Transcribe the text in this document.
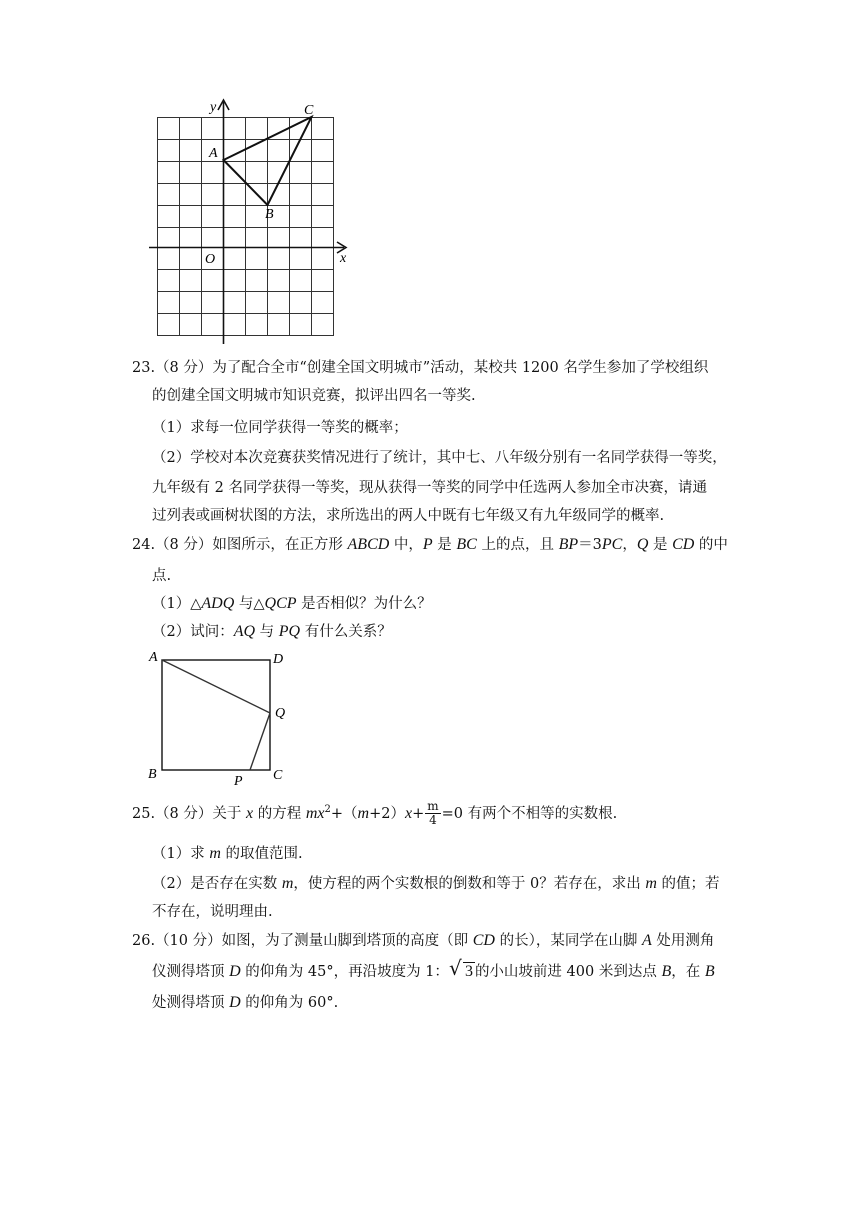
y
x
O
A
B
C
23.（8 分）为了配合全市“创建全国文明城市”活动，某校共 1200 名学生参加了学校组织
的创建全国文明城市知识竞赛，拟评出四名一等奖.
（1）求每一位同学获得一等奖的概率；
（2）学校对本次竞赛获奖情况进行了统计，其中七、八年级分别有一名同学获得一等奖，
九年级有 2 名同学获得一等奖，现从获得一等奖的同学中任选两人参加全市决赛，请通
过列表或画树状图的方法，求所选出的两人中既有七年级又有九年级同学的概率.
24.（8 分）如图所示，在正方形 ABCD 中，P 是 BC 上的点，且 BP＝3PC，Q 是 CD 的中
点.
（1）△ADQ 与△QCP 是否相似？为什么？
（2）试问：AQ 与 PQ 有什么关系？
A	D
Q
B	P C
25.（8 分）关于 x 的方程 $mx^2+(m+2)x+ \frac{m}{4} =0$ 有两个不相等的实数根.
（1）求 m 的取值范围.
（2）是否存在实数 m，使方程的两个实数根的倒数和等于 0？若存在，求出 m 的值；若
不存在，说明理由.
26.（10 分）如图，为了测量山脚到塔顶的高度（即 CD 的长），某同学在山脚 A 处用测角
仪测得塔顶 D 的仰角为 45°，再沿坡度为 1： √ 3 的小山坡前进 400 米到达点 B，在 B
处测得塔顶 D 的仰角为 60°.
